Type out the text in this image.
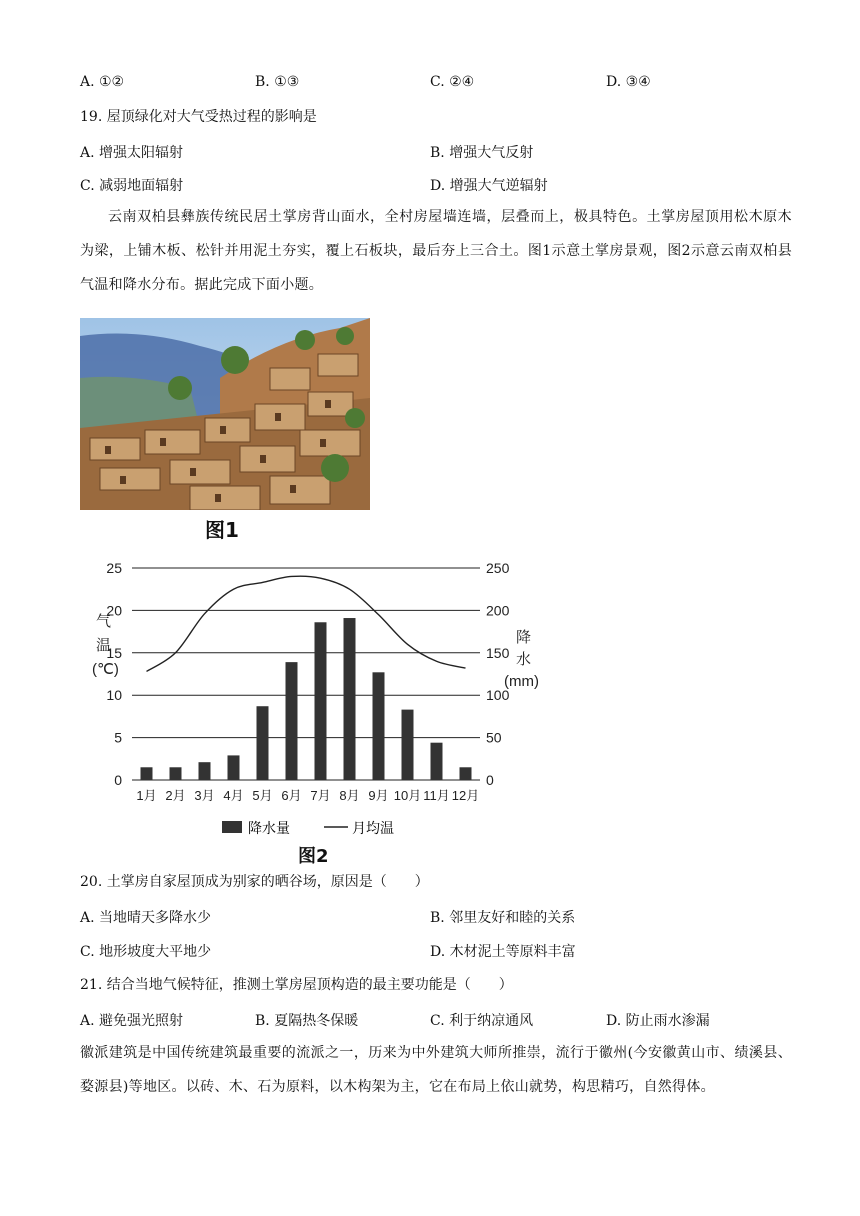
A. ①②	B. ①③	C. ②④	D. ③④
19. 屋顶绿化对大气受热过程的影响是
A. 增强太阳辐射	B. 增强大气反射
C. 减弱地面辐射	D. 增强大气逆辐射
云南双柏县彝族传统民居土掌房背山面水，全村房屋墙连墙，层叠而上，极具特色。土掌房屋顶用松木原木为梁，上铺木板、松针并用泥土夯实，覆上石板块，最后夯上三合土。图1示意土掌房景观，图2示意云南双柏县气温和降水分布。据此完成下面小题。
图1
0
5
10
15
20
25
0
50
100
150
200
250
1月 2月 3月 4月 5月 6月 7月 8月 9月 10月 11月 12月
气
温
(℃)
降
水
(mm)
降水量	月均温
图2
20. 土掌房自家屋顶成为别家的晒谷场，原因是（　　）
A. 当地晴天多降水少	B. 邻里友好和睦的关系
C. 地形坡度大平地少	D. 木材泥土等原料丰富
21. 结合当地气候特征，推测土掌房屋顶构造的最主要功能是（　　）
A. 避免强光照射	B. 夏隔热冬保暖	C. 利于纳凉通风	D. 防止雨水渗漏
徽派建筑是中国传统建筑最重要的流派之一，历来为中外建筑大师所推崇，流行于徽州(今安徽黄山市、绩溪县、婺源县)等地区。以砖、木、石为原料，以木构架为主，它在布局上依山就势，构思精巧，自然得体。
